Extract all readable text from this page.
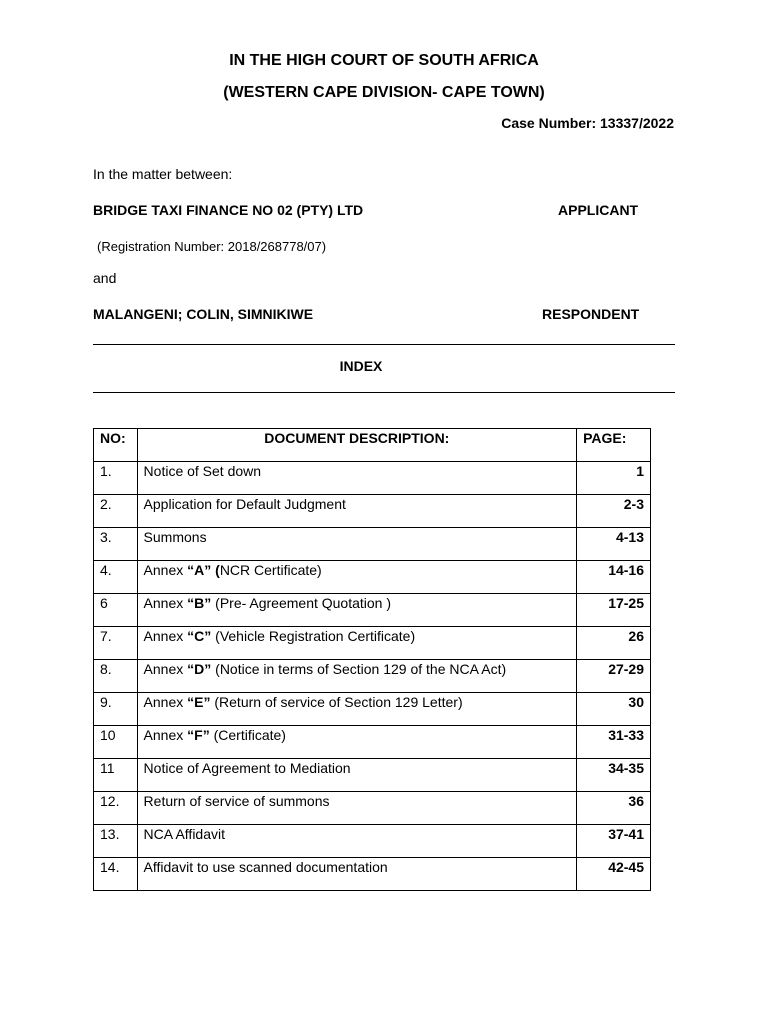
IN THE HIGH COURT OF SOUTH AFRICA
(WESTERN CAPE DIVISION- CAPE TOWN)
Case Number: 13337/2022
In the matter between:
BRIDGE TAXI FINANCE NO 02 (PTY) LTD	APPLICANT
(Registration Number: 2018/268778/07)
and
MALANGENI; COLIN, SIMNIKIWE	RESPONDENT
INDEX
NO:	DOCUMENT DESCRIPTION:	PAGE:
1.	Notice of Set down	1
2.	Application for Default Judgment	2-3
3.	Summons	4-13
4.	Annex “A” (NCR Certificate)	14-16
6	Annex “B” (Pre- Agreement Quotation )	17-25
7.	Annex “C” (Vehicle Registration Certificate)	26
8.	Annex “D” (Notice in terms of Section 129 of the NCA Act)	27-29
9.	Annex “E” (Return of service of Section 129 Letter)	30
10	Annex “F” (Certificate)	31-33
11	Notice of Agreement to Mediation	34-35
12.	Return of service of summons	36
13.	NCA Affidavit	37-41
14.	Affidavit to use scanned documentation	42-45
